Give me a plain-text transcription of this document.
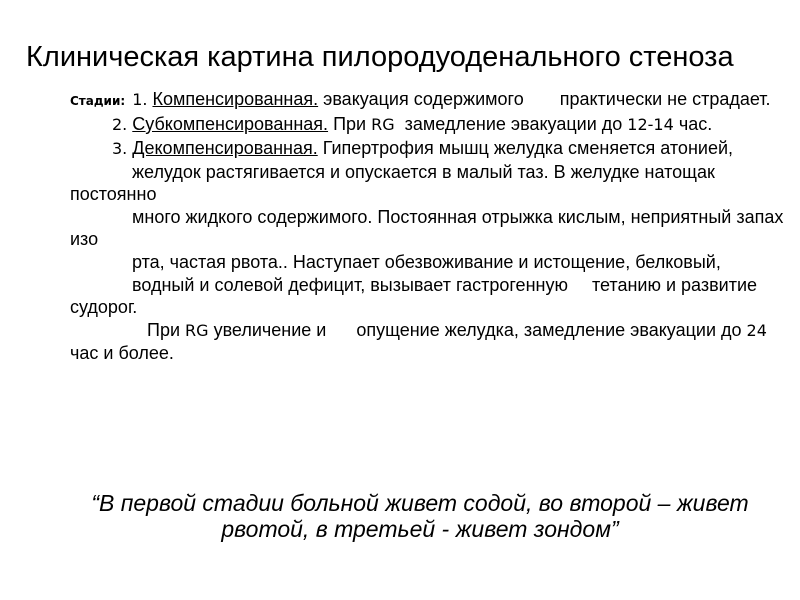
Клиническая картина пилородуоденального стеноза

Стадии: 1. Компенсированная. эвакуация содержимого практически не страдает.

2. Субкомпенсированная. При RG замедление эвакуации до 12-14 час.

3. Декомпенсированная. Гипертрофия мышц желудка сменяется атонией,

желудок растягивается и опускается в малый таз. В желудке натощак постоянно

много жидкого содержимого. Постоянная отрыжка кислым, неприятный запах изо

рта, частая рвота.. Наступает обезвоживание и истощение, белковый,

водный и солевой дефицит, вызывает гастрогенную тетанию и развитие судорог.

При RG увеличение и опущение желудка, замедление эвакуации до 24 час и более.

“В первой стадии больной живет содой, во второй – живет рвотой, в третьей - живет зондом”
